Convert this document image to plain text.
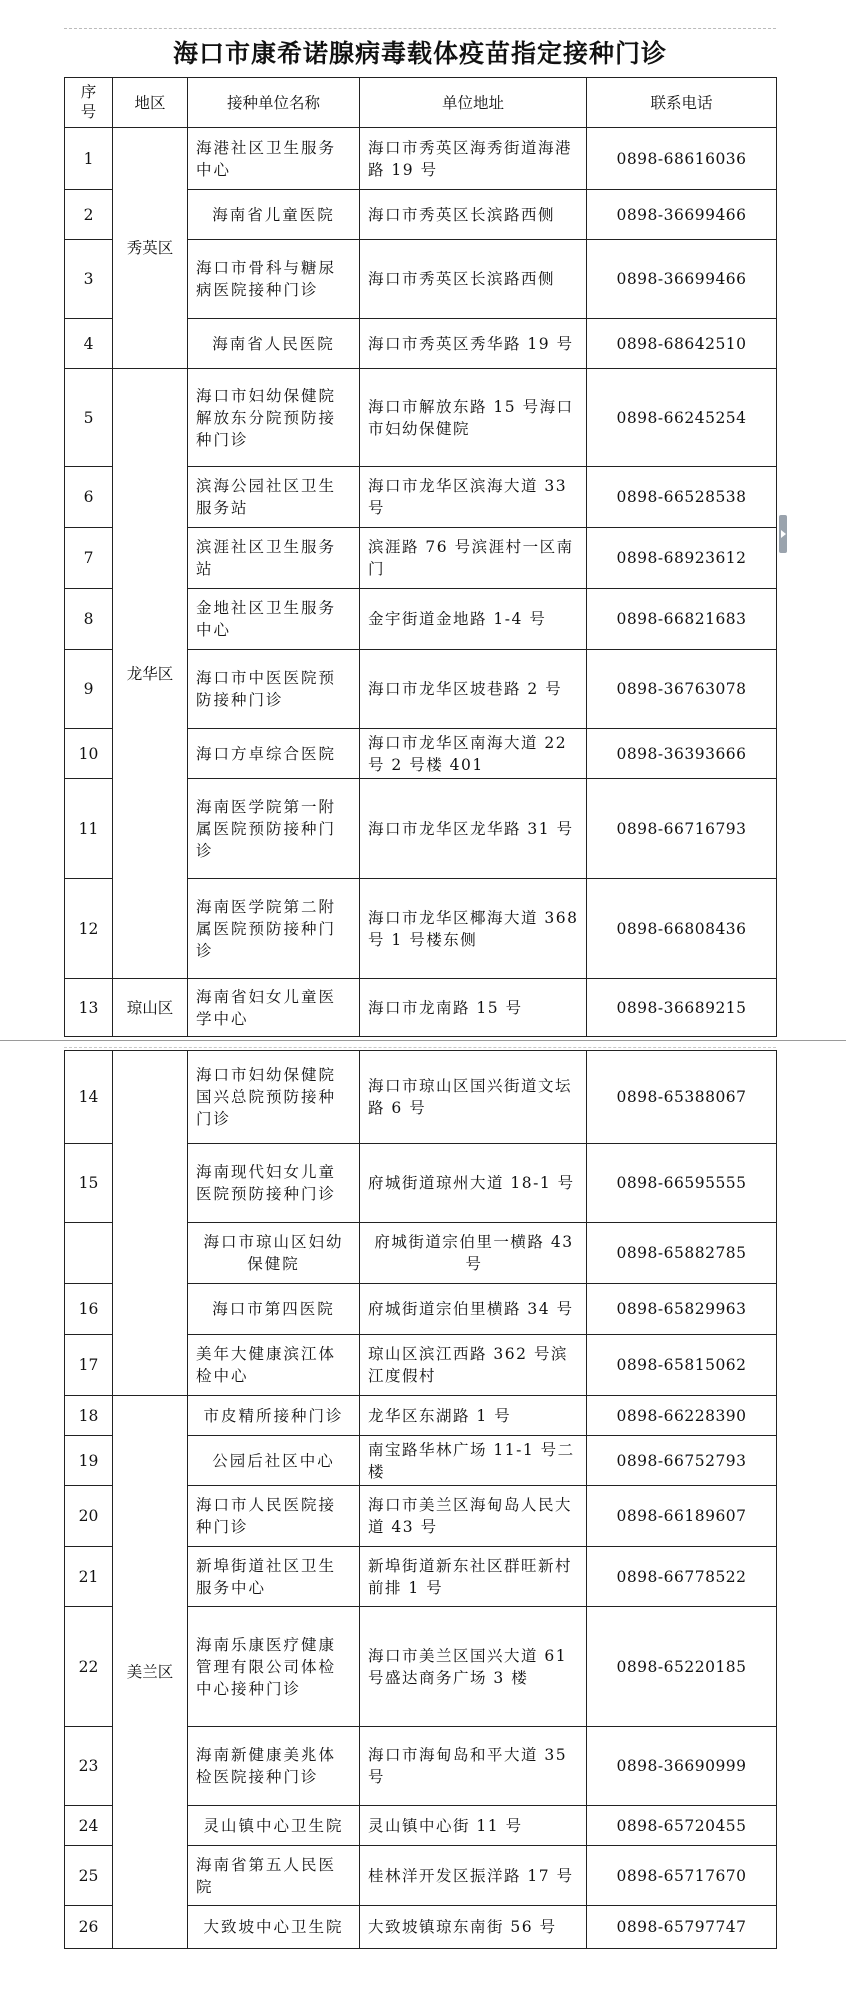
海口市康希诺腺病毒载体疫苗指定接种门诊
序号	地区	接种单位名称	单位地址	联系电话
1	秀英区	海港社区卫生服务中心	海口市秀英区海秀街道海港路 19 号	0898-68616036
2		海南省儿童医院	海口市秀英区长滨路西侧	0898-36699466
3		海口市骨科与糖尿病医院接种门诊	海口市秀英区长滨路西侧	0898-36699466
4		海南省人民医院	海口市秀英区秀华路 19 号	0898-68642510
5	龙华区	海口市妇幼保健院解放东分院预防接种门诊	海口市解放东路 15 号海口市妇幼保健院	0898-66245254
6		滨海公园社区卫生服务站	海口市龙华区滨海大道 33 号	0898-66528538
7		滨涯社区卫生服务站	滨涯路 76 号滨涯村一区南门	0898-68923612
8		金地社区卫生服务中心	金宇街道金地路 1-4 号	0898-66821683
9		海口市中医医院预防接种门诊	海口市龙华区坡巷路 2 号	0898-36763078
10		海口方卓综合医院	海口市龙华区南海大道 22 号 2 号楼 401	0898-36393666
11		海南医学院第一附属医院预防接种门诊	海口市龙华区龙华路 31 号	0898-66716793
12		海南医学院第二附属医院预防接种门诊	海口市龙华区椰海大道 368 号 1 号楼东侧	0898-66808436
13	琼山区	海南省妇女儿童医学中心	海口市龙南路 15 号	0898-36689215
14		海口市妇幼保健院国兴总院预防接种门诊	海口市琼山区国兴街道文坛路 6 号	0898-65388067
15		海南现代妇女儿童医院预防接种门诊	府城街道琼州大道 18-1 号	0898-66595555
		海口市琼山区妇幼保健院	府城街道宗伯里一横路 43 号	0898-65882785
16		海口市第四医院	府城街道宗伯里横路 34 号	0898-65829963
17		美年大健康滨江体检中心	琼山区滨江西路 362 号滨江度假村	0898-65815062
18	美兰区	市皮精所接种门诊	龙华区东湖路 1 号	0898-66228390
19		公园后社区中心	南宝路华林广场 11-1 号二楼	0898-66752793
20		海口市人民医院接种门诊	海口市美兰区海甸岛人民大道 43 号	0898-66189607
21		新埠街道社区卫生服务中心	新埠街道新东社区群旺新村前排 1 号	0898-66778522
22		海南乐康医疗健康管理有限公司体检中心接种门诊	海口市美兰区国兴大道 61 号盛达商务广场 3 楼	0898-65220185
23		海南新健康美兆体检医院接种门诊	海口市海甸岛和平大道 35 号	0898-36690999
24		灵山镇中心卫生院	灵山镇中心街 11 号	0898-65720455
25		海南省第五人民医院	桂林洋开发区振洋路 17 号	0898-65717670
26		大致坡中心卫生院	大致坡镇琼东南街 56 号	0898-65797747
